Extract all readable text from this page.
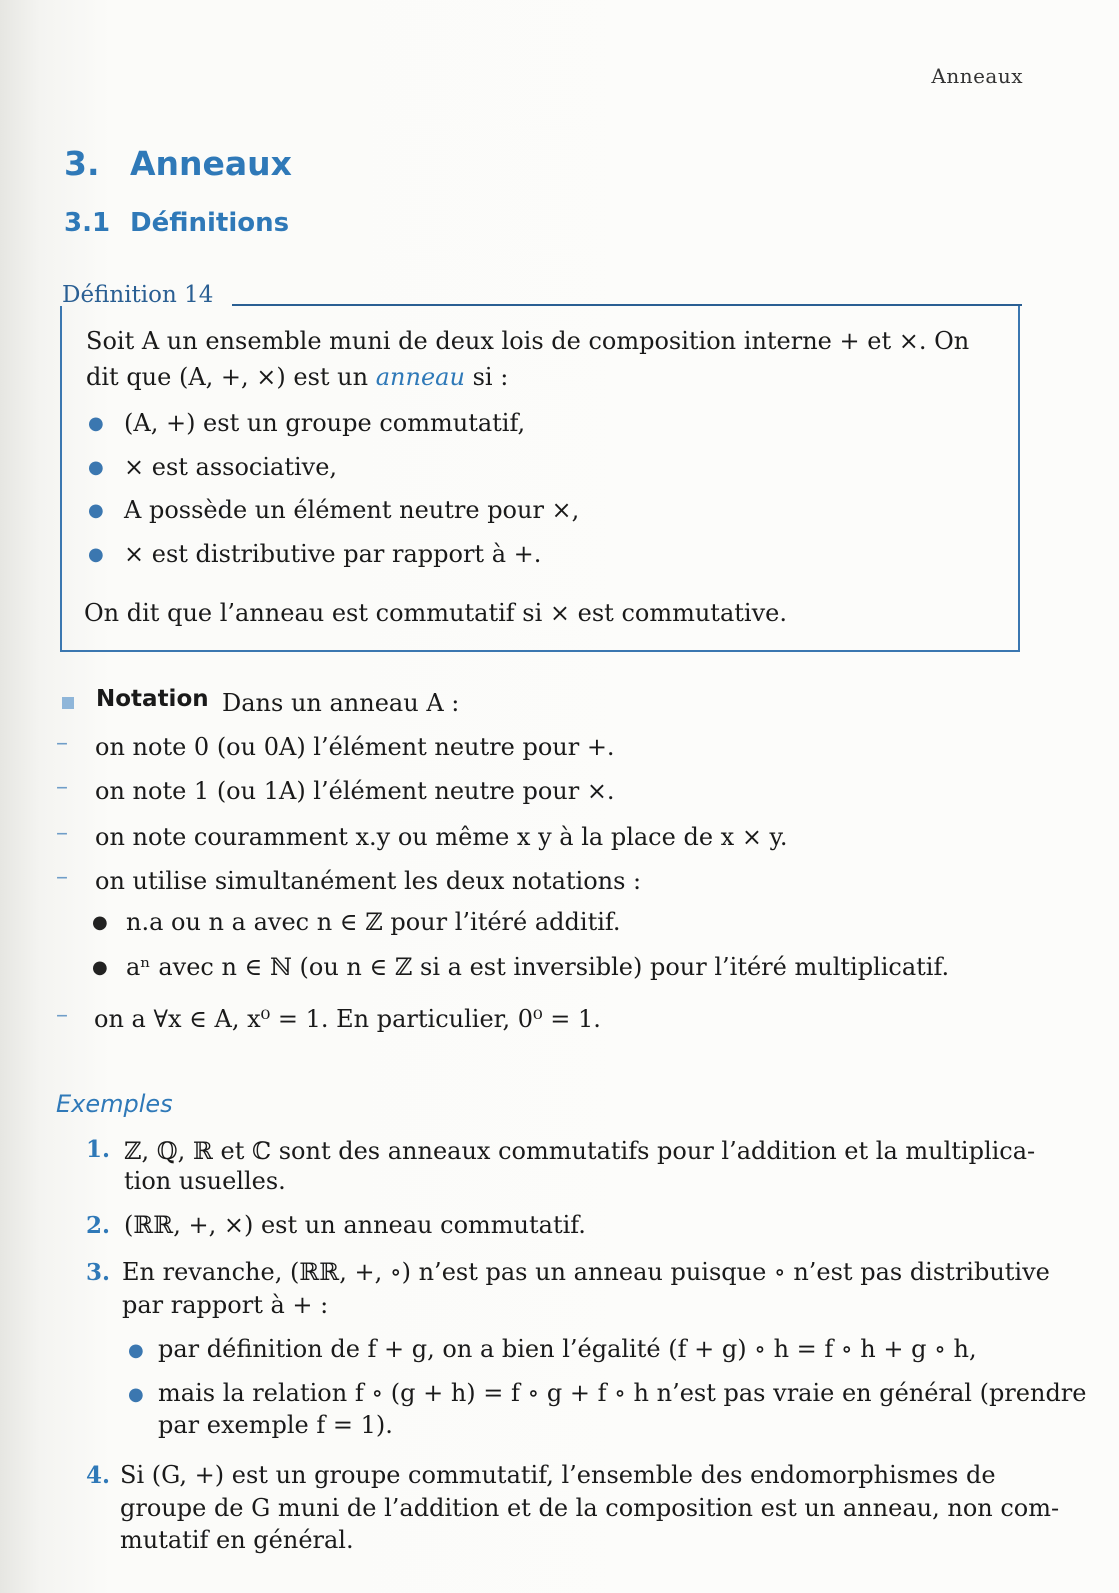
Anneaux
3. Anneaux
3.1 Définitions
Définition 14
Soit A un ensemble muni de deux lois de composition interne + et ×. On
dit que (A, +, ×) est un anneau si :
● (A, +) est un groupe commutatif,
● × est associative,
● A possède un élément neutre pour ×,
● × est distributive par rapport à +.
On dit que l’anneau est commutatif si × est commutative.
Notation Dans un anneau A :
– on note 0 (ou 0A) l’élément neutre pour +.
– on note 1 (ou 1A) l’élément neutre pour ×.
– on note couramment x.y ou même x y à la place de x × y.
– on utilise simultanément les deux notations :
● n.a ou n a avec n ∈ ℤ pour l’itéré additif.
● aⁿ avec n ∈ ℕ (ou n ∈ ℤ si a est inversible) pour l’itéré multiplicatif.
– on a ∀x ∈ A, x⁰ = 1. En particulier, 0⁰ = 1.
Exemples
1. ℤ, ℚ, ℝ et ℂ sont des anneaux commutatifs pour l’addition et la multiplica-
tion usuelles.
2. (ℝℝ, +, ×) est un anneau commutatif.
3. En revanche, (ℝℝ, +, ∘) n’est pas un anneau puisque ∘ n’est pas distributive
par rapport à + :
● par définition de f + g, on a bien l’égalité (f + g) ∘ h = f ∘ h + g ∘ h,
● mais la relation f ∘ (g + h) = f ∘ g + f ∘ h n’est pas vraie en général (prendre
par exemple f = 1).
4. Si (G, +) est un groupe commutatif, l’ensemble des endomorphismes de
groupe de G muni de l’addition et de la composition est un anneau, non com-
mutatif en général.
